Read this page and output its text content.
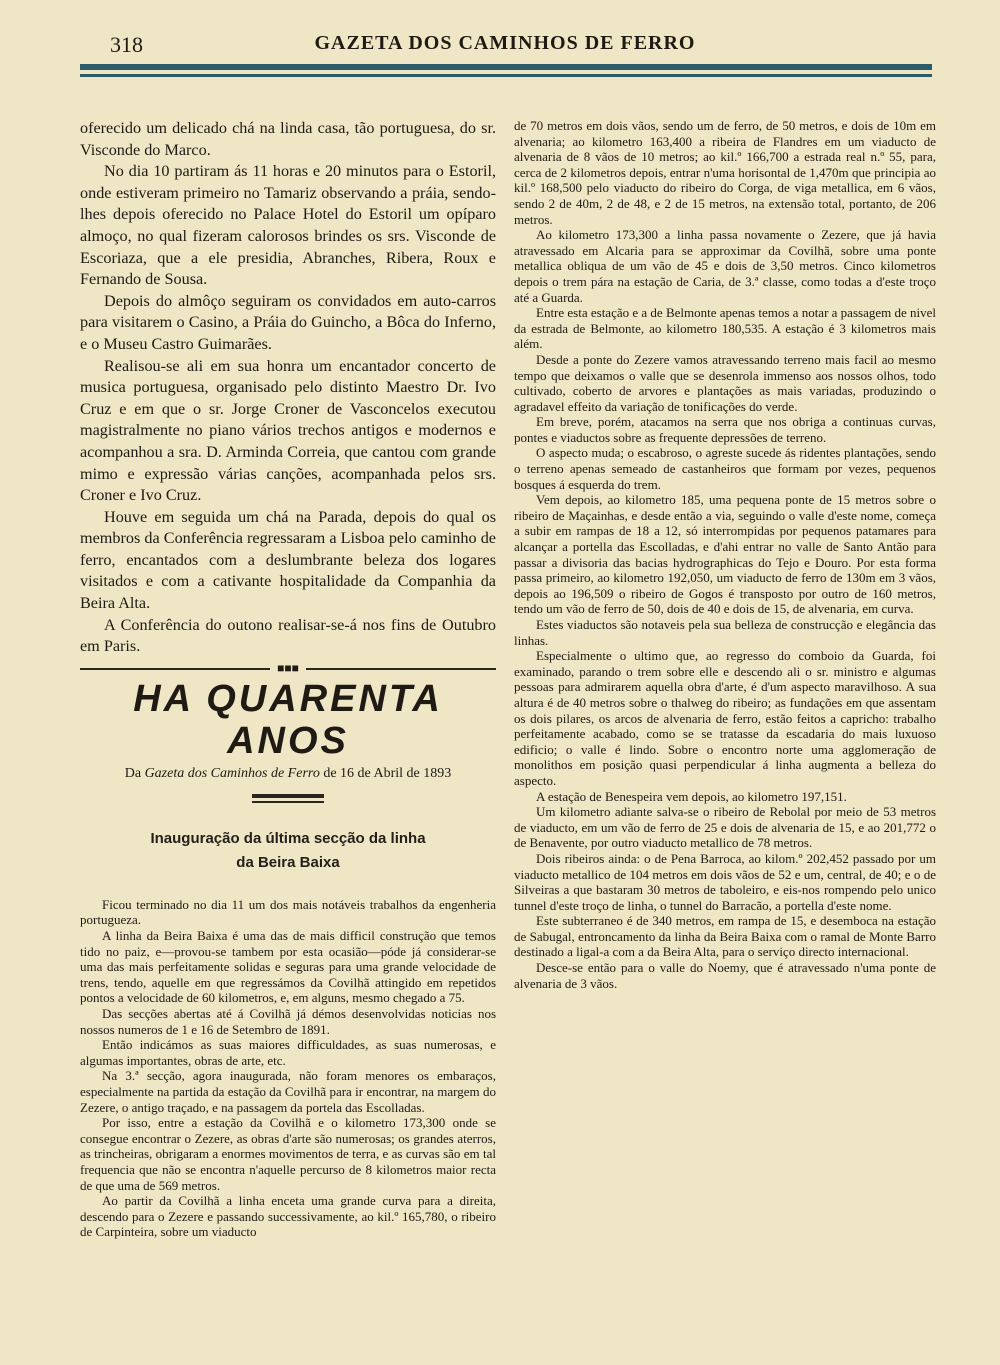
318	GAZETA DOS CAMINHOS DE FERRO

oferecido um delicado chá na linda casa, tão portuguesa, do sr. Visconde do Marco.

No dia 10 partiram ás 11 horas e 20 minutos para o Estoril, onde estiveram primeiro no Tamariz observando a práia, sendo-lhes depois oferecido no Palace Hotel do Estoril um opíparo almoço, no qual fizeram calorosos brindes os srs. Visconde de Escoriaza, que a ele presidia, Abranches, Ribera, Roux e Fernando de Sousa.

Depois do almôço seguiram os convidados em auto-carros para visitarem o Casino, a Práia do Guincho, a Bôca do Inferno, e o Museu Castro Guimarães.

Realisou-se ali em sua honra um encantador concerto de musica portuguesa, organisado pelo distinto Maestro Dr. Ivo Cruz e em que o sr. Jorge Croner de Vasconcelos executou magistralmente no piano vários trechos antigos e modernos e acompanhou a sra. D. Arminda Correia, que cantou com grande mimo e expressão várias canções, acompanhada pelos srs. Croner e Ivo Cruz.

Houve em seguida um chá na Parada, depois do qual os membros da Conferência regressaram a Lisboa pelo caminho de ferro, encantados com a deslumbrante beleza dos logares visitados e com a cativante hospitalidade da Companhia da Beira Alta.

A Conferência do outono realisar-se-á nos fins de Outubro em Paris.

■■■
HA QUARENTA ANOS
Da Gazeta dos Caminhos de Ferro de 16 de Abril de 1893
Inauguração da última secção da linha
da Beira Baixa

Ficou terminado no dia 11 um dos mais notáveis trabalhos da engenheria portugueza.

A linha da Beira Baixa é uma das de mais difficil construção que temos tido no paiz, e—provou-se tambem por esta ocasião—póde já considerar-se uma das mais perfeitamente solidas e seguras para uma grande velocidade de trens, tendo, aquelle em que regressámos da Covilhã attingido em repetidos pontos a velocidade de 60 kilometros, e, em alguns, mesmo chegado a 75.

Das secções abertas até á Covilhã já démos desenvolvidas noticias nos nossos numeros de 1 e 16 de Setembro de 1891.

Então indicámos as suas maiores difficuldades, as suas numerosas, e algumas importantes, obras de arte, etc.

Na 3.ª secção, agora inaugurada, não foram menores os embaraços, especialmente na partida da estação da Covilhã para ir encontrar, na margem do Zezere, o antigo traçado, e na passagem da portela das Escolladas.

Por isso, entre a estação da Covilhã e o kilometro 173,300 onde se consegue encontrar o Zezere, as obras d'arte são numerosas; os grandes aterros, as trincheiras, obrigaram a enormes movimentos de terra, e as curvas são em tal frequencia que não se encontra n'aquelle percurso de 8 kilometros maior recta de que uma de 569 metros.

Ao partir da Covilhã a linha encetа uma grande curva para a direita, descendo para o Zezere e passando successivamente, ao kil.º 165,780, o ribeiro de Carpinteira, sobre um viaducto

de 70 metros em dois vãos, sendo um de ferro, de 50 metros, e dois de 10m em alvenaria; ao kilometro 163,400 a ribeira de Flandres em um viaducto de alvenaria de 8 vãos de 10 metros; ao kil.º 166,700 a estrada real n.º 55, para, cerca de 2 kilometros depois, entrar n'uma horisontal de 1,470m que principia ao kil.º 168,500 pelo viaducto do ribeiro do Corga, de viga metallica, em 6 vãos, sendo 2 de 40m, 2 de 48, e 2 de 15 metros, na extensão total, portanto, de 206 metros.

Ao kilometro 173,300 a linha passa novamente o Zezere, que já havia atravessado em Alcaria para se approximar da Covilhã, sobre uma ponte metallica obliqua de um vão de 45 e dois de 3,50 metros. Cinco kilometros depois o trem pára na estação de Caria, de 3.ª classe, como todas a d'este troço até a Guarda.

Entre esta estação e a de Belmonte apenas temos a notar a passagem de nivel da estrada de Belmonte, ao kilometro 180,535. A estação é 3 kilometros mais além.

Desde a ponte do Zezere vamos atravessando terreno mais facil ao mesmo tempo que deixamos o valle que se desenrola immenso aos nossos olhos, todo cultivado, coberto de arvores e plantações as mais variadas, produzindo o agradavel effeito da variação de tonificações do verde.

Em breve, porém, atacamos na serra que nos obriga a continuas curvas, pontes e viaductos sobre as frequente depressões de terreno.

O aspecto muda; o escabroso, o agreste sucede ás ridentes plantações, sendo o terreno apenas semeado de castanheiros que formam por vezes, pequenos bosques á esquerda do trem.

Vem depois, ao kilometro 185, uma pequena ponte de 15 metros sobre o ribeiro de Maçainhas, e desde então a via, seguindo o valle d'este nome, começa a subir em rampas de 18 a 12, só interrompidas por pequenos patamares para alcançar a portella das Escolladas, e d'ahi entrar no valle de Santo Antão para passar a divisoria das bacias hydrographicas do Tejo e Douro. Por esta forma passa primeiro, ao kilometro 192,050, um viaducto de ferro de 130m em 3 vãos, depois ao 196,509 o ribeiro de Gogos é transposto por outro de 160 metros, tendo um vão de ferro de 50, dois de 40 e dois de 15, de alvenaria, em curva.

Estes viaductos são notaveis pela sua belleza de construcção e elegância das linhas.

Especialmente o ultimo que, ao regresso do comboio da Guarda, foi examinado, parando o trem sobre elle e descendo ali o sr. ministro e algumas pessoas para admirarem aquella obra d'arte, é d'um aspecto maravilhoso. A sua altura é de 40 metros sobre o thalweg do ribeiro; as fundações em que assentam os dois pilares, os arcos de alvenaria de ferro, estão feitos a capricho: trabalho perfeitamente acabado, como se se tratasse da escadaria do mais luxuoso edificio; o valle é lindo. Sobre o encontro norte uma agglomeração de monolithos em posição quasi perpendicular á linha augmenta a belleza do aspecto.

A estação de Benespeira vem depois, ao kilometro 197,151.

Um kilometro adiante salva-se o ribeiro de Rebolal por meio de 53 metros de viaducto, em um vão de ferro de 25 e dois de alvenaria de 15, e ao 201,772 o de Benavente, por outro viaducto metallico de 78 metros.

Dois ribeiros ainda: o de Pena Barroca, ao kilom.º 202,452 passado por um viaducto metallico de 104 metros em dois vãos de 52 e um, central, de 40; e o de Silveiras a que bastaram 30 metros de taboleiro, e eis-nos rompendo pelo unico tunnel d'este troço de linha, o tunnel do Barracão, a portella d'este nome.

Este subterraneo é de 340 metros, em rampa de 15, e desemboca na estação de Sabugal, entroncamento da linha da Beira Baixa com o ramal de Monte Barro destinado a ligal-a com a da Beira Alta, para o serviço directo internacional.

Desce-se então para o valle do Noemy, que é atravessado n'uma ponte de alvenaria de 3 vãos.
